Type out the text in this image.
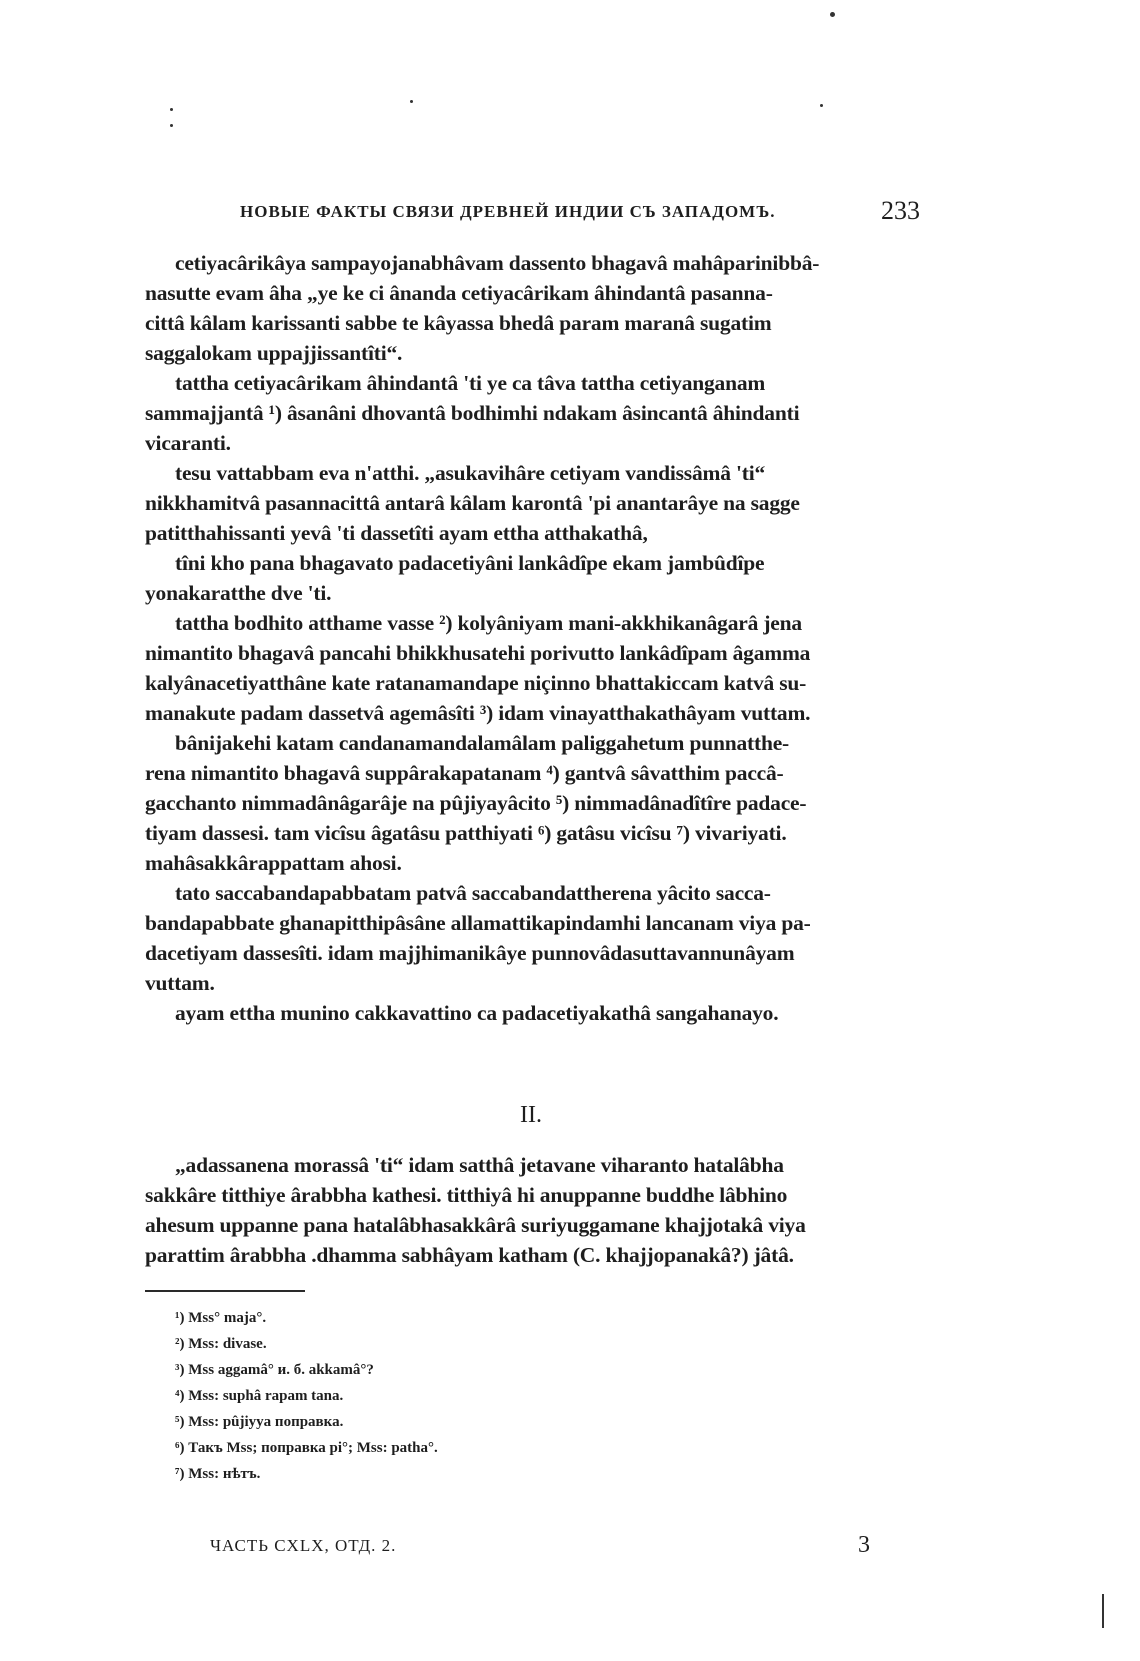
НОВЫЕ ФАКТЫ СВЯЗИ ДРЕВНЕЙ ИНДИИ СЪ ЗАПАДОМЪ.	233

cetiyacârikâya sampayojanabhâvam dassento bhagavâ mahâparinibbâ-
nasutte evam âha „ye ke ci ânanda cetiyacârikam âhindantâ pasanna-
cittâ kâlam karissanti sabbe te kâyassa bhedâ param maranâ sugatim
saggalokam uppajjissantîti“.

tattha cetiyacârikam âhindantâ 'ti ye ca tâva tattha cetiyanganam
sammajjantâ ¹) âsanâni dhovantâ bodhimhi ndakam âsincantâ âhindanti
vicaranti.

tesu vattabbam eva n'atthi. „asukavihâre cetiyam vandissâmâ 'ti“
nikkhamitvâ pasannacittâ antarâ kâlam karontâ 'pi anantarâye na sagge
patitthahissanti yevâ 'ti dassetîti ayam ettha atthakathâ,

tîni kho pana bhagavato padacetiyâni lankâdîpe ekam jambûdîpe
yonakaratthe dve 'ti.

tattha bodhito atthame vasse ²) kolyâniyam mani-akkhikanâgarâ jena
nimantito bhagavâ pancahi bhikkhusatehi porivutto lankâdîpam âgamma
kalyânacetiyatthâne kate ratanamandape niçinno bhattakiccam katvâ su-
manakute padam dassetvâ agemâsîti ³) idam vinayatthakathâyam vuttam.

bânijakehi katam candanamandalamâlam paliggahetum punnatthe-
rena nimantito bhagavâ suppârakapatanam ⁴) gantvâ sâvatthim paccâ-
gacchanto nimmadânâgarâje na pûjiyayâcito ⁵) nimmadânadîtîre padace-
tiyam dassesi. tam vicîsu âgatâsu patthiyati ⁶) gatâsu vicîsu ⁷) vivariyati.
mahâsakkârappattam ahosi.

tato saccabandapabbatam patvâ saccabandattherena yâcito sacca-
bandapabbate ghanapitthipâsâne allamattikapindamhi lancanam viya pa-
dacetiyam dassesîti. idam majjhimanikâye punnovâdasuttavannunâyam
vuttam.

ayam ettha munino cakkavattino ca padacetiyakathâ sangahanayo.

II.

„adassanena morassâ 'ti“ idam satthâ jetavane viharanto hatalâbha
sakkâre titthiye ârabbha kathesi. titthiyâ hi anuppanne buddhe lâbhino
ahesum uppanne pana hatalâbhasakkârâ suriyuggamane khajjotakâ viya
parattim ârabbha .dhamma sabhâyam katham (C. khajjopanakâ?) jâtâ.

¹) Mss° maja°.
²) Mss: divase.
³) Mss aggamâ° и. б. akkamâ°?
⁴) Mss: suphâ rapam tana.
⁵) Mss: pûjiyya поправка.
⁶) Такъ Mss; поправка pi°; Mss: patha°.
⁷) Mss: нѣтъ.
ЧАСТЬ CXLX, ОТД. 2.	3
